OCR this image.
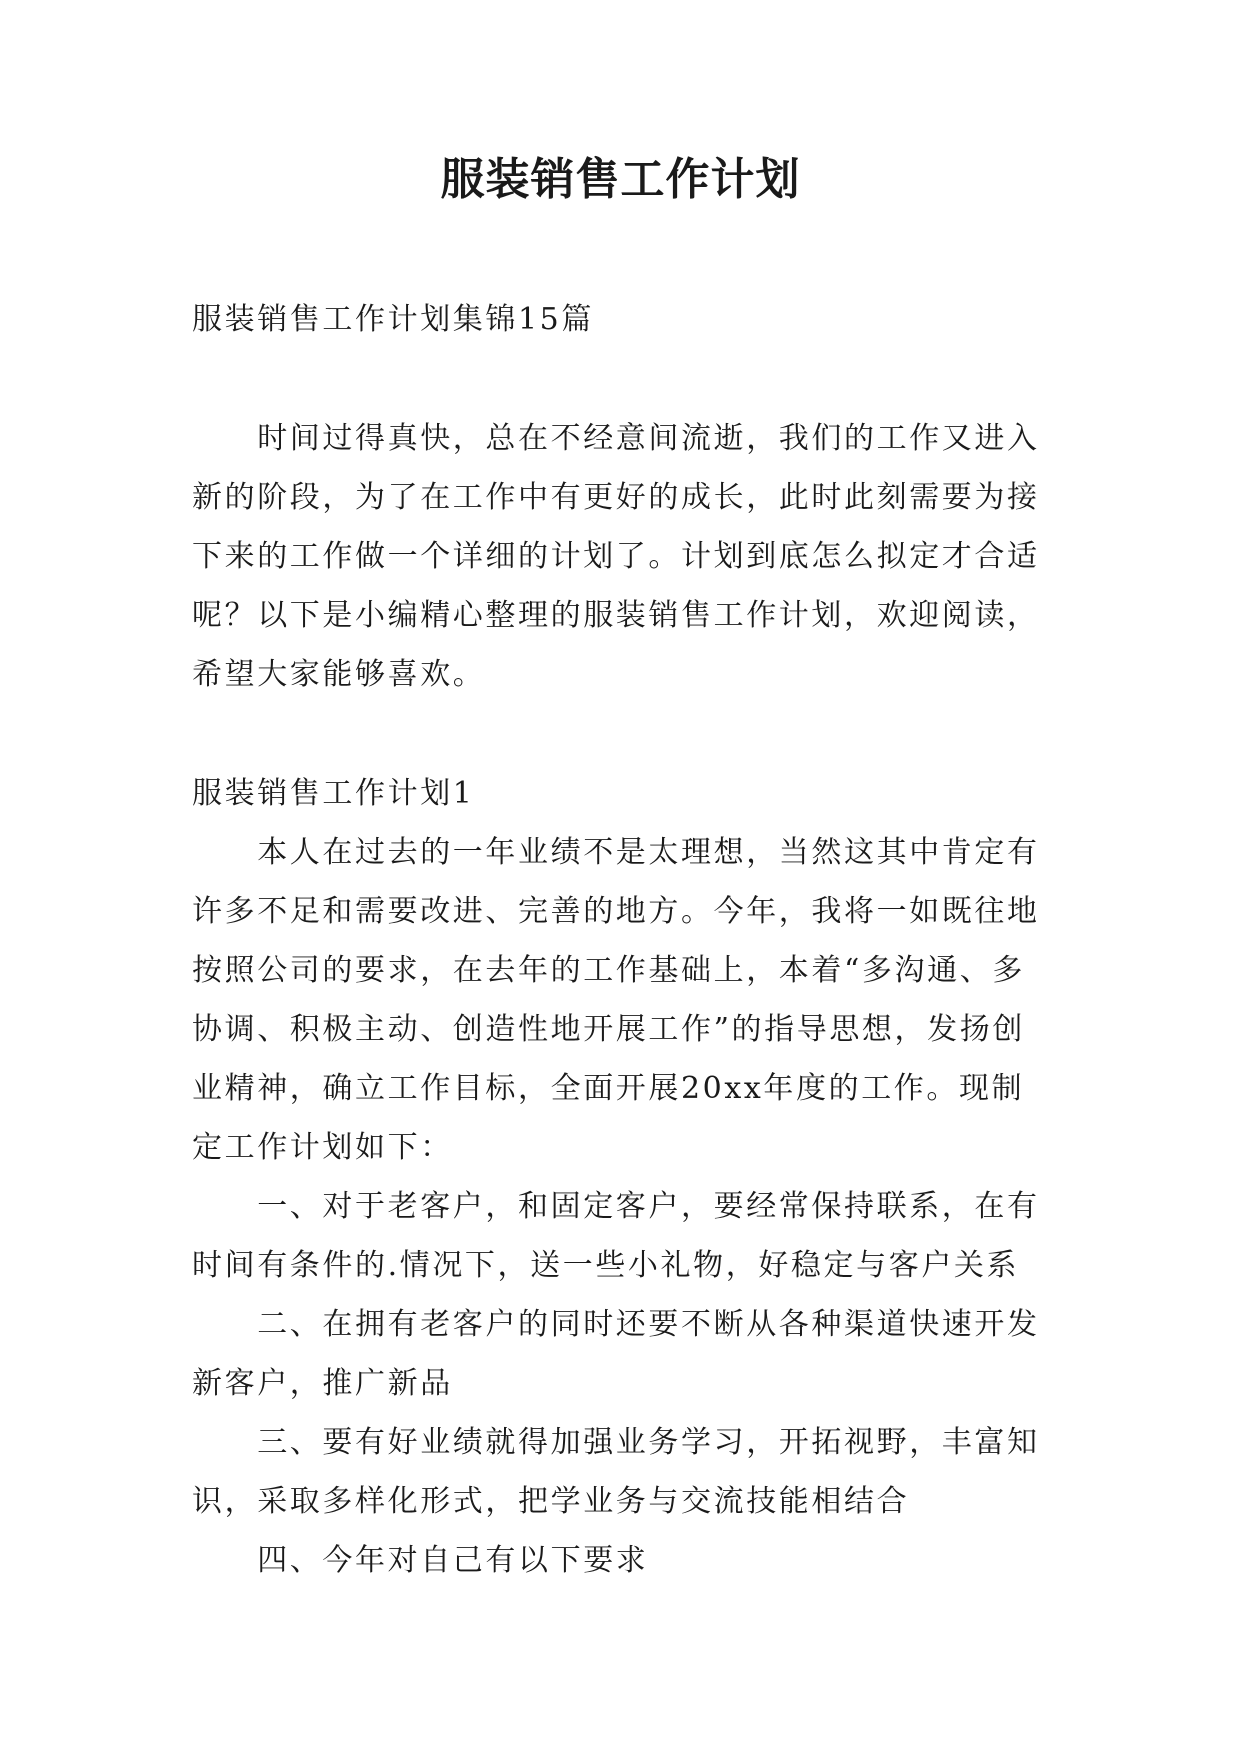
服装销售工作计划

服装销售工作计划集锦15篇

　　时间过得真快，总在不经意间流逝，我们的工作又进入

新的阶段，为了在工作中有更好的成长，此时此刻需要为接

下来的工作做一个详细的计划了。计划到底怎么拟定才合适

呢？以下是小编精心整理的服装销售工作计划，欢迎阅读，

希望大家能够喜欢。

服装销售工作计划1

　　本人在过去的一年业绩不是太理想，当然这其中肯定有

许多不足和需要改进、完善的地方。今年，我将一如既往地

按照公司的要求，在去年的工作基础上，本着“多沟通、多

协调、积极主动、创造性地开展工作”的指导思想，发扬创

业精神，确立工作目标，全面开展20xx年度的工作。现制

定工作计划如下：

　　一、对于老客户，和固定客户，要经常保持联系，在有

时间有条件的.情况下，送一些小礼物，好稳定与客户关系

　　二、在拥有老客户的同时还要不断从各种渠道快速开发

新客户，推广新品

　　三、要有好业绩就得加强业务学习，开拓视野，丰富知

识，采取多样化形式，把学业务与交流技能相结合

　　四、今年对自己有以下要求
